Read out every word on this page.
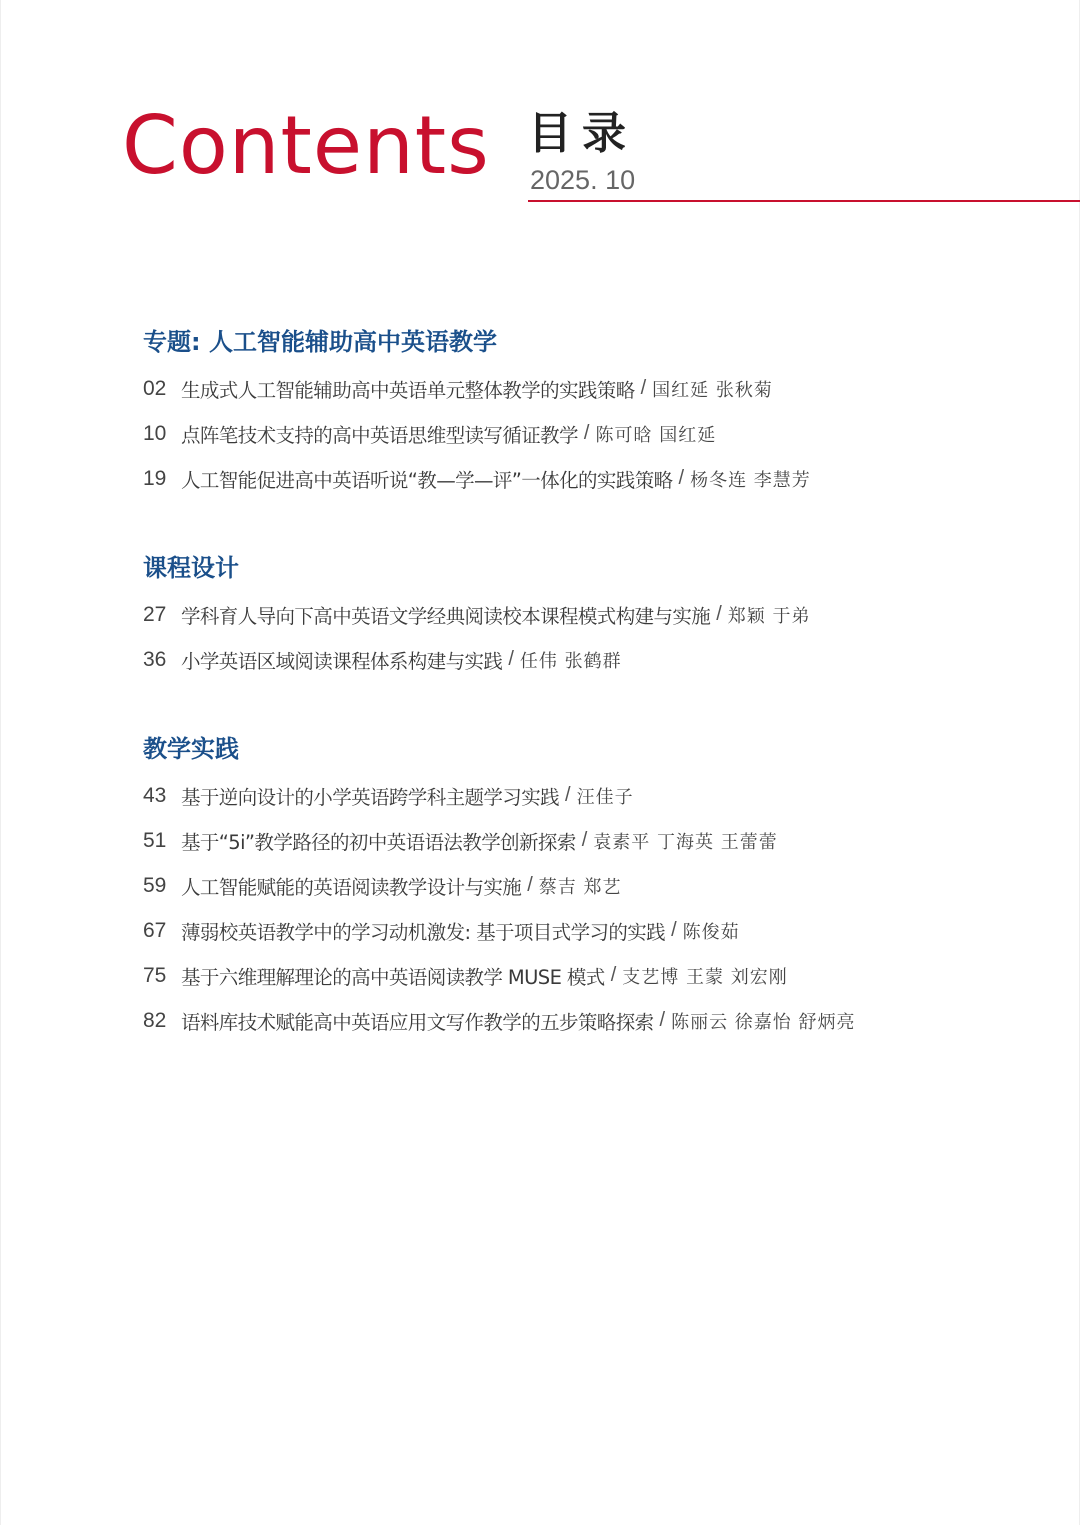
Contents 目录
2025. 10
专题: 人工智能辅助高中英语教学
02 生成式人工智能辅助高中英语单元整体教学的实践策略 / 国红延 张秋菊
10 点阵笔技术支持的高中英语思维型读写循证教学 / 陈可晗 国红延
19 人工智能促进高中英语听说“教—学—评”一体化的实践策略 / 杨冬连 李慧芳
课程设计
27 学科育人导向下高中英语文学经典阅读校本课程模式构建与实施 / 郑颖 于弟
36 小学英语区域阅读课程体系构建与实践 / 任伟 张鹤群
教学实践
43 基于逆向设计的小学英语跨学科主题学习实践 / 汪佳子
51 基于“5i”教学路径的初中英语语法教学创新探索 / 袁素平 丁海英 王蕾蕾
59 人工智能赋能的英语阅读教学设计与实施 / 蔡吉 郑艺
67 薄弱校英语教学中的学习动机激发: 基于项目式学习的实践 / 陈俊茹
75 基于六维理解理论的高中英语阅读教学 MUSE 模式 / 支艺博 王蒙 刘宏刚
82 语料库技术赋能高中英语应用文写作教学的五步策略探索 / 陈丽云 徐嘉怡 舒炳亮
